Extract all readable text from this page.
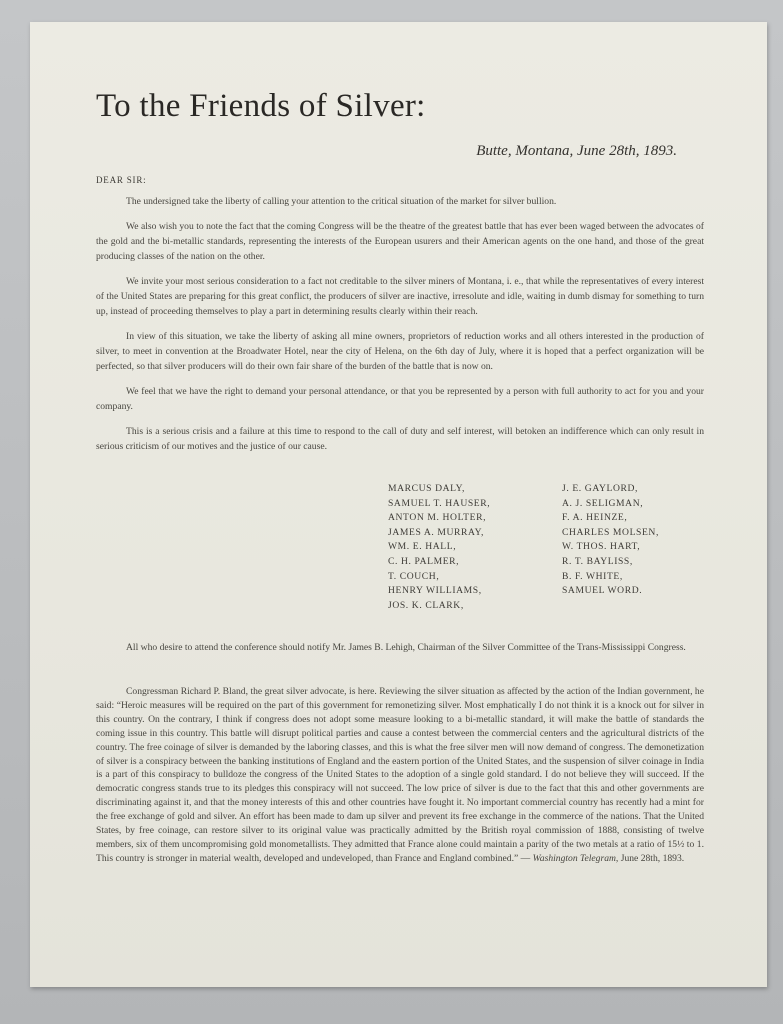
To the Friends of Silver:
Butte, Montana, June 28th, 1893.
DEAR SIR:

The undersigned take the liberty of calling your attention to the critical situation of the market for silver bullion.

We also wish you to note the fact that the coming Congress will be the theatre of the greatest battle that has ever been waged between the advocates of the gold and the bi-metallic standards, representing the interests of the European usurers and their American agents on the one hand, and those of the great producing classes of the nation on the other.

We invite your most serious consideration to a fact not creditable to the silver miners of Montana, i. e., that while the representatives of every interest of the United States are preparing for this great conflict, the producers of silver are inactive, irresolute and idle, waiting in dumb dismay for something to turn up, instead of proceeding themselves to play a part in determining results clearly within their reach.

In view of this situation, we take the liberty of asking all mine owners, proprietors of reduction works and all others interested in the production of silver, to meet in convention at the Broadwater Hotel, near the city of Helena, on the 6th day of July, where it is hoped that a perfect organization will be perfected, so that silver producers will do their own fair share of the burden of the battle that is now on.

We feel that we have the right to demand your personal attendance, or that you be represented by a person with full authority to act for you and your company.

This is a serious crisis and a failure at this time to respond to the call of duty and self interest, will betoken an indifference which can only result in serious criticism of our motives and the justice of our cause.

MARCUS DALY,
SAMUEL T. HAUSER,
ANTON M. HOLTER,
JAMES A. MURRAY,
WM. E. HALL,
C. H. PALMER,
T. COUCH,
HENRY WILLIAMS,
JOS. K. CLARK,
J. E. GAYLORD,
A. J. SELIGMAN,
F. A. HEINZE,
CHARLES MOLSEN,
W. THOS. HART,
R. T. BAYLISS,
B. F. WHITE,
SAMUEL WORD.

All who desire to attend the conference should notify Mr. James B. Lehigh, Chairman of the Silver Committee of the Trans-Mississippi Congress.

Congressman Richard P. Bland, the great silver advocate, is here. Reviewing the silver situation as affected by the action of the Indian government, he said: “Heroic measures will be required on the part of this government for remonetizing silver. Most emphatically I do not think it is a knock out for silver in this country. On the contrary, I think if congress does not adopt some measure looking to a bi-metallic standard, it will make the battle of standards the coming issue in this country. This battle will disrupt political parties and cause a contest between the commercial centers and the agricultural districts of the country. The free coinage of silver is demanded by the laboring classes, and this is what the free silver men will now demand of congress. The demonetization of silver is a conspiracy between the banking institutions of England and the eastern portion of the United States, and the suspension of silver coinage in India is a part of this conspiracy to bulldoze the congress of the United States to the adoption of a single gold standard. I do not believe they will succeed. If the democratic congress stands true to its pledges this conspiracy will not succeed. The low price of silver is due to the fact that this and other governments are discriminating against it, and that the money interests of this and other countries have fought it. No important commercial country has recently had a mint for the free exchange of gold and silver. An effort has been made to dam up silver and prevent its free exchange in the commerce of the nations. That the United States, by free coinage, can restore silver to its original value was practically admitted by the British royal commission of 1888, consisting of twelve members, six of them uncompromising gold monometallists. They admitted that France alone could maintain a parity of the two metals at a ratio of 15½ to 1. This country is stronger in material wealth, developed and undeveloped, than France and England combined.” — Washington Telegram, June 28th, 1893.
